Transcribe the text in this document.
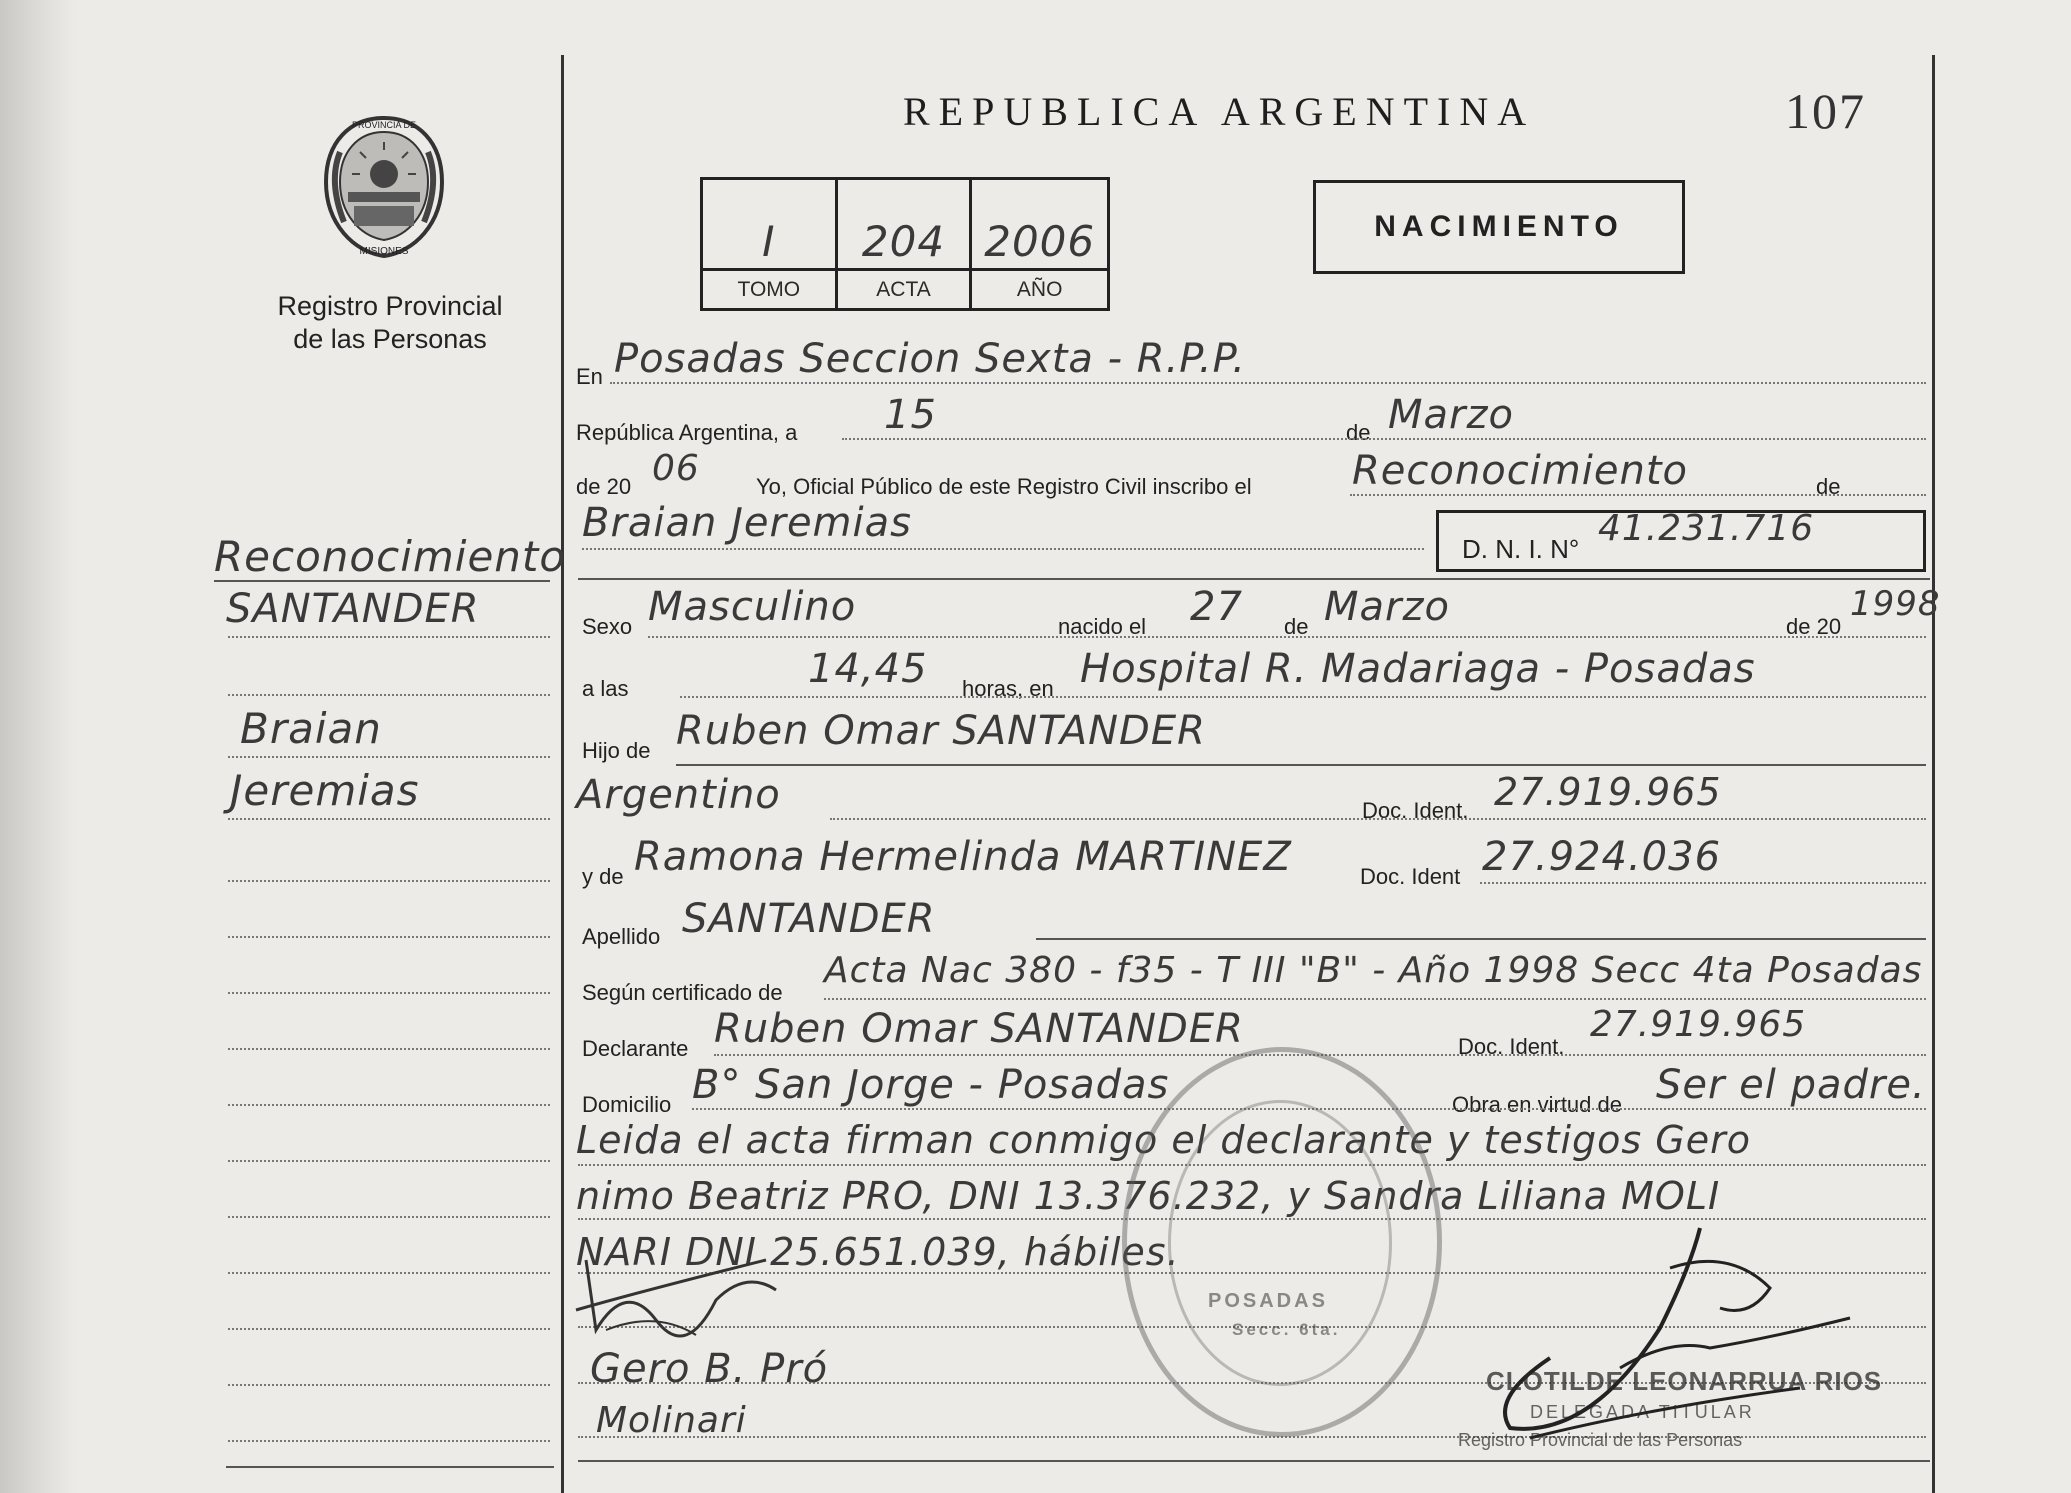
PROVINCIA DE
MISIONES
Registro Provincial
de las Personas
REPUBLICA ARGENTINA	107
I	204 2006
TOMO	ACTA	AÑO
NACIMIENTO
Reconocimiento
SANTANDER
Braian
Jeremias
En Posadas Seccion Sexta - R.P.P.
República Argentina, a 15	de Marzo
de 20 06	Yo, Oficial Público de este Registro Civil inscribo el	Reconocimiento	de
Braian Jeremias
D. N. I. N° 41.231.716
Sexo Masculino	nacido el 27 de Marzo	de 20
1998
a las	14,45 horas, en Hospital R. Madariaga - Posadas
Hijo de Ruben Omar SANTANDER
Argentino	Doc. Ident. 27.919.965
y de Ramona Hermelinda MARTINEZ	Doc. Ident 27.924.036
Apellido SANTANDER
Según certificado de
Acta Nac 380 - f35 - T III "B" - Año 1998 Secc 4ta Posadas
Declarante Ruben Omar SANTANDER	Doc. Ident.
27.919.965
Domicilio B° San Jorge - Posadas	Obra en virtud de Ser el padre.
Leida el acta firman conmigo el declarante y testigos Gero
nimo Beatriz PRO, DNI 13.376.232, y Sandra Liliana MOLI
NARI DNI 25.651.039, hábiles.
POSADAS
Secc. 6ta.
Gero B. Pró
Molinari
CLOTILDE LEONARRUA RIOS
DELEGADA TITULAR
Registro Provincial de las Personas
